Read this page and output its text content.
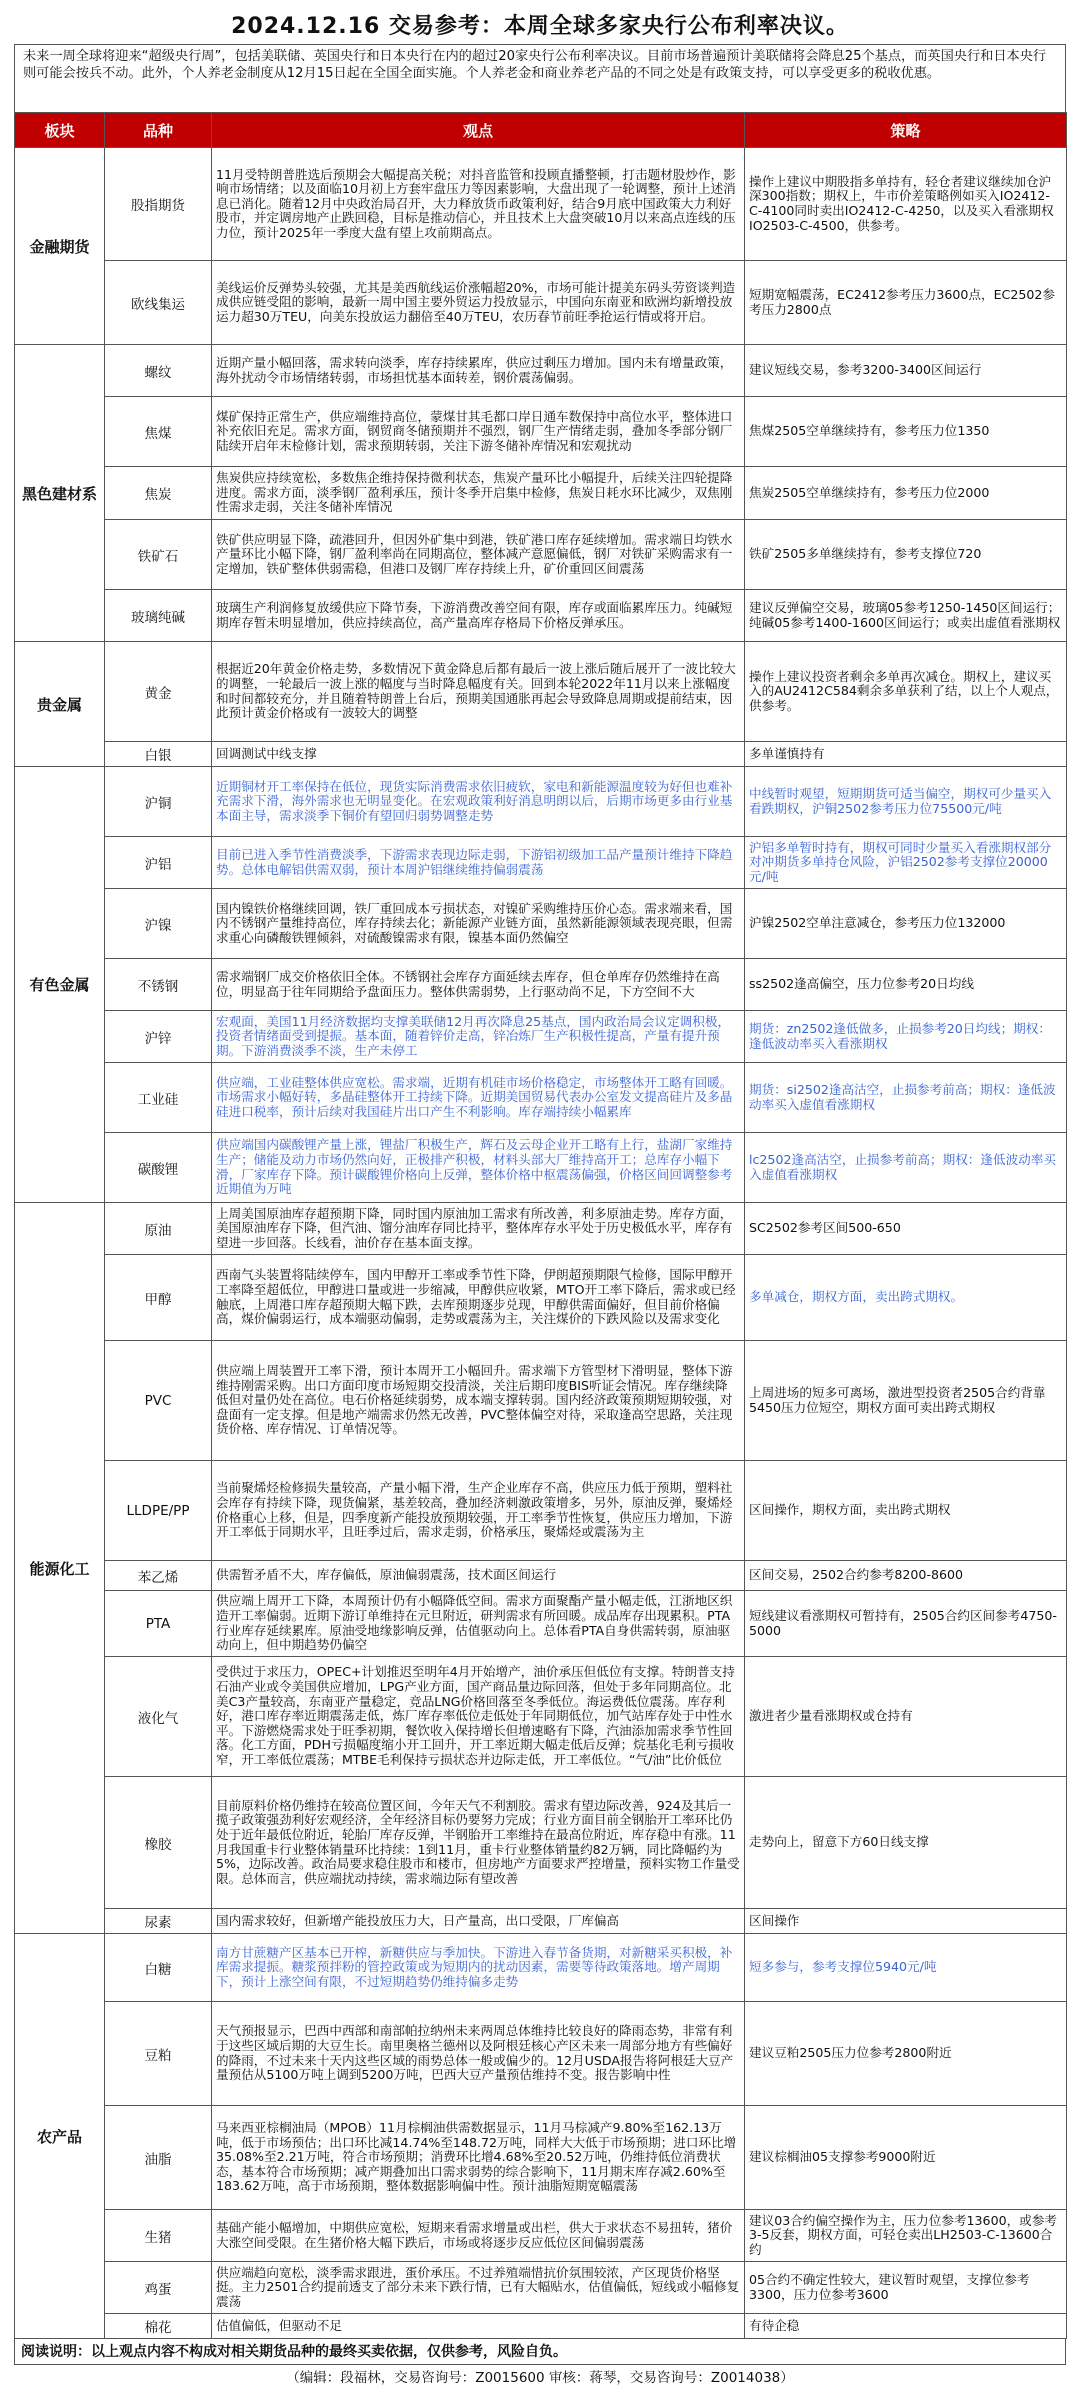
2024.12.16 交易参考：本周全球多家央行公布利率决议。
未来一周全球将迎来“超级央行周”，包括美联储、英国央行和日本央行在内的超过20家央行公布利率决议。目前市场普遍预计美联储将会降息25个基点，而英国央行和日本央行则可能会按兵不动。此外，个人养老金制度从12月15日起在全国全面实施。个人养老金和商业养老产品的不同之处是有政策支持，可以享受更多的税收优惠。
板块	品种	观点	策略
金融期货	股指期货	11月受特朗普胜选后预期会大幅提高关税；对抖音监管和投顾直播整顿，打击题材股炒作，影响市场情绪；以及面临10月初上方套牢盘压力等因素影响，大盘出现了一轮调整，预计上述消息已消化。随着12月中央政治局召开，大力释放货币政策利好，结合9月底中国政策大力利好股市，并定调房地产止跌回稳，目标是推动信心，并且技术上大盘突破10月以来高点连线的压力位，预计2025年一季度大盘有望上攻前期高点。	操作上建议中期股指多单持有，轻仓者建议继续加仓沪深300指数；期权上，牛市价差策略例如买入IO2412-C-4100同时卖出IO2412-C-4250，以及买入看涨期权IO2503-C-4500，供参考。
	欧线集运	美线运价反弹势头较强，尤其是美西航线运价涨幅超20%，市场可能计提美东码头劳资谈判造成供应链受阻的影响，最新一周中国主要外贸运力投放显示，中国向东南亚和欧洲均新增投放运力超30万TEU，向美东投放运力翻倍至40万TEU，农历春节前旺季抢运行情或将开启。	短期宽幅震荡，EC2412参考压力3600点，EC2502参考压力2800点
黑色建材系	螺纹	近期产量小幅回落，需求转向淡季，库存持续累库，供应过剩压力增加。国内未有增量政策，海外扰动令市场情绪转弱，市场担忧基本面转差，钢价震荡偏弱。	建议短线交易，参考3200-3400区间运行
	焦煤	煤矿保持正常生产，供应端维持高位，蒙煤甘其毛都口岸日通车数保持中高位水平，整体进口补充依旧充足。需求方面，钢贸商冬储预期并不强烈，钢厂生产情绪走弱，叠加冬季部分钢厂陆续开启年末检修计划，需求预期转弱，关注下游冬储补库情况和宏观扰动	焦煤2505空单继续持有，参考压力位1350
	焦炭	焦炭供应持续宽松，多数焦企维持保持微利状态，焦炭产量环比小幅提升，后续关注四轮提降进度。需求方面，淡季钢厂盈利承压，预计冬季开启集中检修，焦炭日耗水环比减少，双焦刚性需求走弱，关注冬储补库情况	焦炭2505空单继续持有，参考压力位2000
	铁矿石	铁矿供应明显下降，疏港回升，但因外矿集中到港，铁矿港口库存延续增加。需求端日均铁水产量环比小幅下降，钢厂盈利率尚在同期高位，整体减产意愿偏低，钢厂对铁矿采购需求有一定增加，铁矿整体供弱需稳，但港口及钢厂库存持续上升，矿价重回区间震荡	铁矿2505多单继续持有，参考支撑位720
	玻璃纯碱	玻璃生产利润修复放缓供应下降节奏，下游消费改善空间有限，库存或面临累库压力。纯碱短期库存暂未明显增加，供应持续高位，高产量高库存格局下价格反弹承压。	建议反弹偏空交易，玻璃05参考1250-1450区间运行；纯碱05参考1400-1600区间运行；或卖出虚值看涨期权
贵金属	黄金	根据近20年黄金价格走势，多数情况下黄金降息后都有最后一波上涨后随后展开了一波比较大的调整，一轮最后一波上涨的幅度与当时降息幅度有关。回到本轮2022年11月以来上涨幅度和时间都较充分，并且随着特朗普上台后，预期美国通胀再起会导致降息周期或提前结束，因此预计黄金价格或有一波较大的调整	操作上建议投资者剩余多单再次减仓。期权上，建议买入的AU2412C584剩余多单获利了结，以上个人观点，供参考。
	白银	回调测试中线支撑	多单谨慎持有
有色金属	沪铜	近期铜材开工率保持在低位，现货实际消费需求依旧疲软，家电和新能源温度较为好但也难补充需求下滑，海外需求也无明显变化。在宏观政策利好消息明朗以后，后期市场更多由行业基本面主导，需求淡季下铜价有望回归弱势调整走势	中线暂时观望，短期期货可适当偏空，期权可少量买入看跌期权，沪铜2502参考压力位75500元/吨
	沪铝	目前已进入季节性消费淡季，下游需求表现边际走弱，下游铝初级加工品产量预计维持下降趋势。总体电解铝供需双弱，预计本周沪铝继续维持偏弱震荡	沪铝多单暂时持有，期权可同时少量买入看涨期权部分对冲期货多单持仓风险，沪铝2502参考支撑位20000元/吨
	沪镍	国内镍铁价格继续回调，铁厂重回成本亏损状态，对镍矿采购维持压价心态。需求端来看，国内不锈钢产量维持高位，库存持续去化；新能源产业链方面，虽然新能源领域表现亮眼，但需求重心向磷酸铁锂倾斜，对硫酸镍需求有限，镍基本面仍然偏空	沪镍2502空单注意减仓，参考压力位132000
	不锈钢	需求端钢厂成交价格依旧全体。不锈钢社会库存方面延续去库存，但仓单库存仍然维持在高位，明显高于往年同期给予盘面压力。整体供需弱势，上行驱动尚不足，下方空间不大	ss2502逢高偏空，压力位参考20日均线
	沪锌	宏观面，美国11月经济数据均支撑美联储12月再次降息25基点，国内政治局会议定调积极，投资者情绪面受到提振。基本面，随着锌价走高，锌冶炼厂生产积极性提高，产量有提升预期。下游消费淡季不淡，生产未停工	期货：zn2502逢低做多，止损参考20日均线；期权：逢低波动率买入看涨期权
	工业硅	供应端，工业硅整体供应宽松。需求端，近期有机硅市场价格稳定，市场整体开工略有回暖。市场需求小幅好转，多晶硅整体开工持续下降。近期美国贸易代表办公室发文提高硅片及多晶硅进口税率，预计后续对我国硅片出口产生不利影响。库存端持续小幅累库	期货：si2502逢高沽空，止损参考前高；期权：逢低波动率买入虚值看涨期权
	碳酸锂	供应端国内碳酸锂产量上涨，锂盐厂积极生产，辉石及云母企业开工略有上行，盐湖厂家维持生产；储能及动力市场仍然向好，正极排产积极，材料头部大厂维持高开工；总库存小幅下滑，厂家库存下降。预计碳酸锂价格向上反弹，整体价格中枢震荡偏强，价格区间回调整参考近期值为万吨	lc2502逢高沽空，止损参考前高；期权：逢低波动率买入虚值看涨期权
能源化工	原油	上周美国原油库存超预期下降，同时国内原油加工需求有所改善，利多原油走势。库存方面，美国原油库存下降，但汽油、馏分油库存同比持平，整体库存水平处于历史极低水平，库存有望进一步回落。长线看，油价存在基本面支撑。	SC2502参考区间500-650
	甲醇	西南气头装置将陆续停车，国内甲醇开工率或季节性下降，伊朗超预期限气检修，国际甲醇开工率降至超低位，甲醇进口量或进一步缩减，甲醇供应收紧，MTO开工率下降后，需求或已经触底，上周港口库存超预期大幅下跌，去库预期逐步兑现，甲醇供需面偏好，但目前价格偏高，煤价偏弱运行，成本端驱动偏弱，走势或震荡为主，关注煤价的下跌风险以及需求变化	多单减仓，期权方面，卖出跨式期权。
	PVC	供应端上周装置开工率下滑，预计本周开工小幅回升。需求端下方管型材下滑明显，整体下游维持刚需采购。出口方面印度市场短期交投清淡，关注后期印度BIS听证会情况。库存继续降低但对量仍处在高位。电石价格延续弱势，成本端支撑转弱。国内经济政策预期短期较强，对盘面有一定支撑。但是地产端需求仍然无改善，PVC整体偏空对待，采取逢高空思路，关注现货价格、库存情况、订单情况等。	上周进场的短多可离场，激进型投资者2505合约背靠5450压力位短空，期权方面可卖出跨式期权
	LLDPE/PP	当前聚烯烃检修损失量较高，产量小幅下滑，生产企业库存不高，供应压力低于预期，塑料社会库存有持续下降，现货偏紧，基差较高，叠加经济刺激政策增多，另外，原油反弹，聚烯烃价格重心上移，但是，四季度新产能投放预期较强，开工率季节性恢复，供应压力增加，下游开工率低于同期水平，且旺季过后，需求走弱，价格承压，聚烯烃或震荡为主	区间操作，期权方面，卖出跨式期权
	苯乙烯	供需暂矛盾不大，库存偏低，原油偏弱震荡，技术面区间运行	区间交易，2502合约参考8200-8600
	PTA	供应端上周开工下降，本周预计仍有小幅降低空间。需求方面聚酯产量小幅走低，江浙地区织造开工率偏弱。近期下游订单维持在元旦附近，研判需求有所回暖。成品库存出现累积。PTA行业库存延续累库。原油受地缘影响反弹，估值驱动向上。总体看PTA自身供需转弱，原油驱动向上，但中期趋势仍偏空	短线建议看涨期权可暂持有，2505合约区间参考4750-5000
	液化气	受供过于求压力，OPEC+计划推迟至明年4月开始增产，油价承压但低位有支撑。特朗普支持石油产业或令美国供应增加，LPG产业方面，国产商品量边际回落，但处于多年同期高位。北美C3产量较高，东南亚产量稳定，竞品LNG价格回落至冬季低位。海运费低位震荡。库存利好，港口库存率近期震荡走低，炼厂库存率低位走低处于年同期低位，加气站库存处于中性水平。下游燃烧需求处于旺季初期，餐饮收入保持增长但增速略有下降，汽油添加需求季节性回落。化工方面，PDH亏损幅度缩小开工回升，开工率近期大幅走低后反弹；烷基化毛利亏损收窄，开工率低位震荡；MTBE毛利保持亏损状态并边际走低，开工率低位。“气/油”比价低位	激进者少量看涨期权或仓持有
	橡胶	目前原料价格仍维持在较高位置区间，今年天气不利割胶。需求有望边际改善，924及其后一揽子政策强劲利好宏观经济，全年经济目标仍要努力完成；行业方面目前全钢胎开工率环比仍处于近年最低位附近，轮胎厂库存反弹，半钢胎开工率维持在最高位附近，库存稳中有涨。11月我国重卡行业整体销量环比持续：1到11月，重卡行业整体销量约82万辆，同比降幅约为5%，边际改善。政治局要求稳住股市和楼市，但房地产方面要求严控增量，预料实物工作量受限。总体而言，供应端扰动持续，需求端边际有望改善	走势向上，留意下方60日线支撑
	尿素	国内需求较好，但新增产能投放压力大，日产量高，出口受限，厂库偏高	区间操作
农产品	白糖	南方甘蔗糖产区基本已开榨，新糖供应与季加快。下游进入春节备货期，对新糖采买积极，补库需求提振。糖浆预拌粉的管控政策或为短期内的扰动因素，需要等待政策落地。增产周期下，预计上涨空间有限，不过短期趋势仍维持偏多走势	短多参与，参考支撑位5940元/吨
	豆粕	天气预报显示，巴西中西部和南部帕拉纳州未来两周总体维持比较良好的降雨态势，非常有利于这些区域后期的大豆生长。南里奥格兰德州以及阿根廷核心产区未来一周部分地方有些偏好的降雨，不过未来十天内这些区域的雨势总体一般或偏少的。12月USDA报告将阿根廷大豆产量预估从5100万吨上调到5200万吨，巴西大豆产量预估维持不变。报告影响中性	建议豆粕2505压力位参考2800附近
	油脂	马来西亚棕榈油局（MPOB）11月棕榈油供需数据显示，11月马棕减产9.80%至162.13万吨，低于市场预估；出口环比减14.74%至148.72万吨，同样大大低于市场预期；进口环比增35.08%至2.21万吨，符合市场预期；消费环比增4.68%至20.52万吨，仍维持低位消费状态，基本符合市场预期；减产期叠加出口需求弱势的综合影响下，11月期末库存减2.60%至183.62万吨，高于市场预期，整体数据影响偏中性。预计油脂短期宽幅震荡	建议棕榈油05支撑参考9000附近
	生猪	基础产能小幅增加，中期供应宽松，短期来看需求增量或出栏，供大于求状态不易扭转，猪价大涨空间受限。在生猪价格大幅下跌后，市场或将逐步反应低位区间偏弱震荡	建议03合约偏空操作为主，压力位参考13600，或参考3-5反套，期权方面，可轻仓卖出LH2503-C-13600合约
	鸡蛋	供应端趋向宽松，淡季需求跟进，蛋价承压。不过养殖端惜抗价氛围较浓，产区现货价格坚挺。主力2501合约提前透支了部分未来下跌行情，已有大幅贴水，估值偏低，短线或小幅修复震荡	05合约不确定性较大，建议暂时观望，支撑位参考3300，压力位参考3600
	棉花	估值偏低，但驱动不足	有待企稳
阅读说明：以上观点内容不构成对相关期货品种的最终买卖依据，仅供参考，风险自负。
（编辑：段福林，交易咨询号：Z0015600 审核：蒋琴，交易咨询号：Z0014038）
